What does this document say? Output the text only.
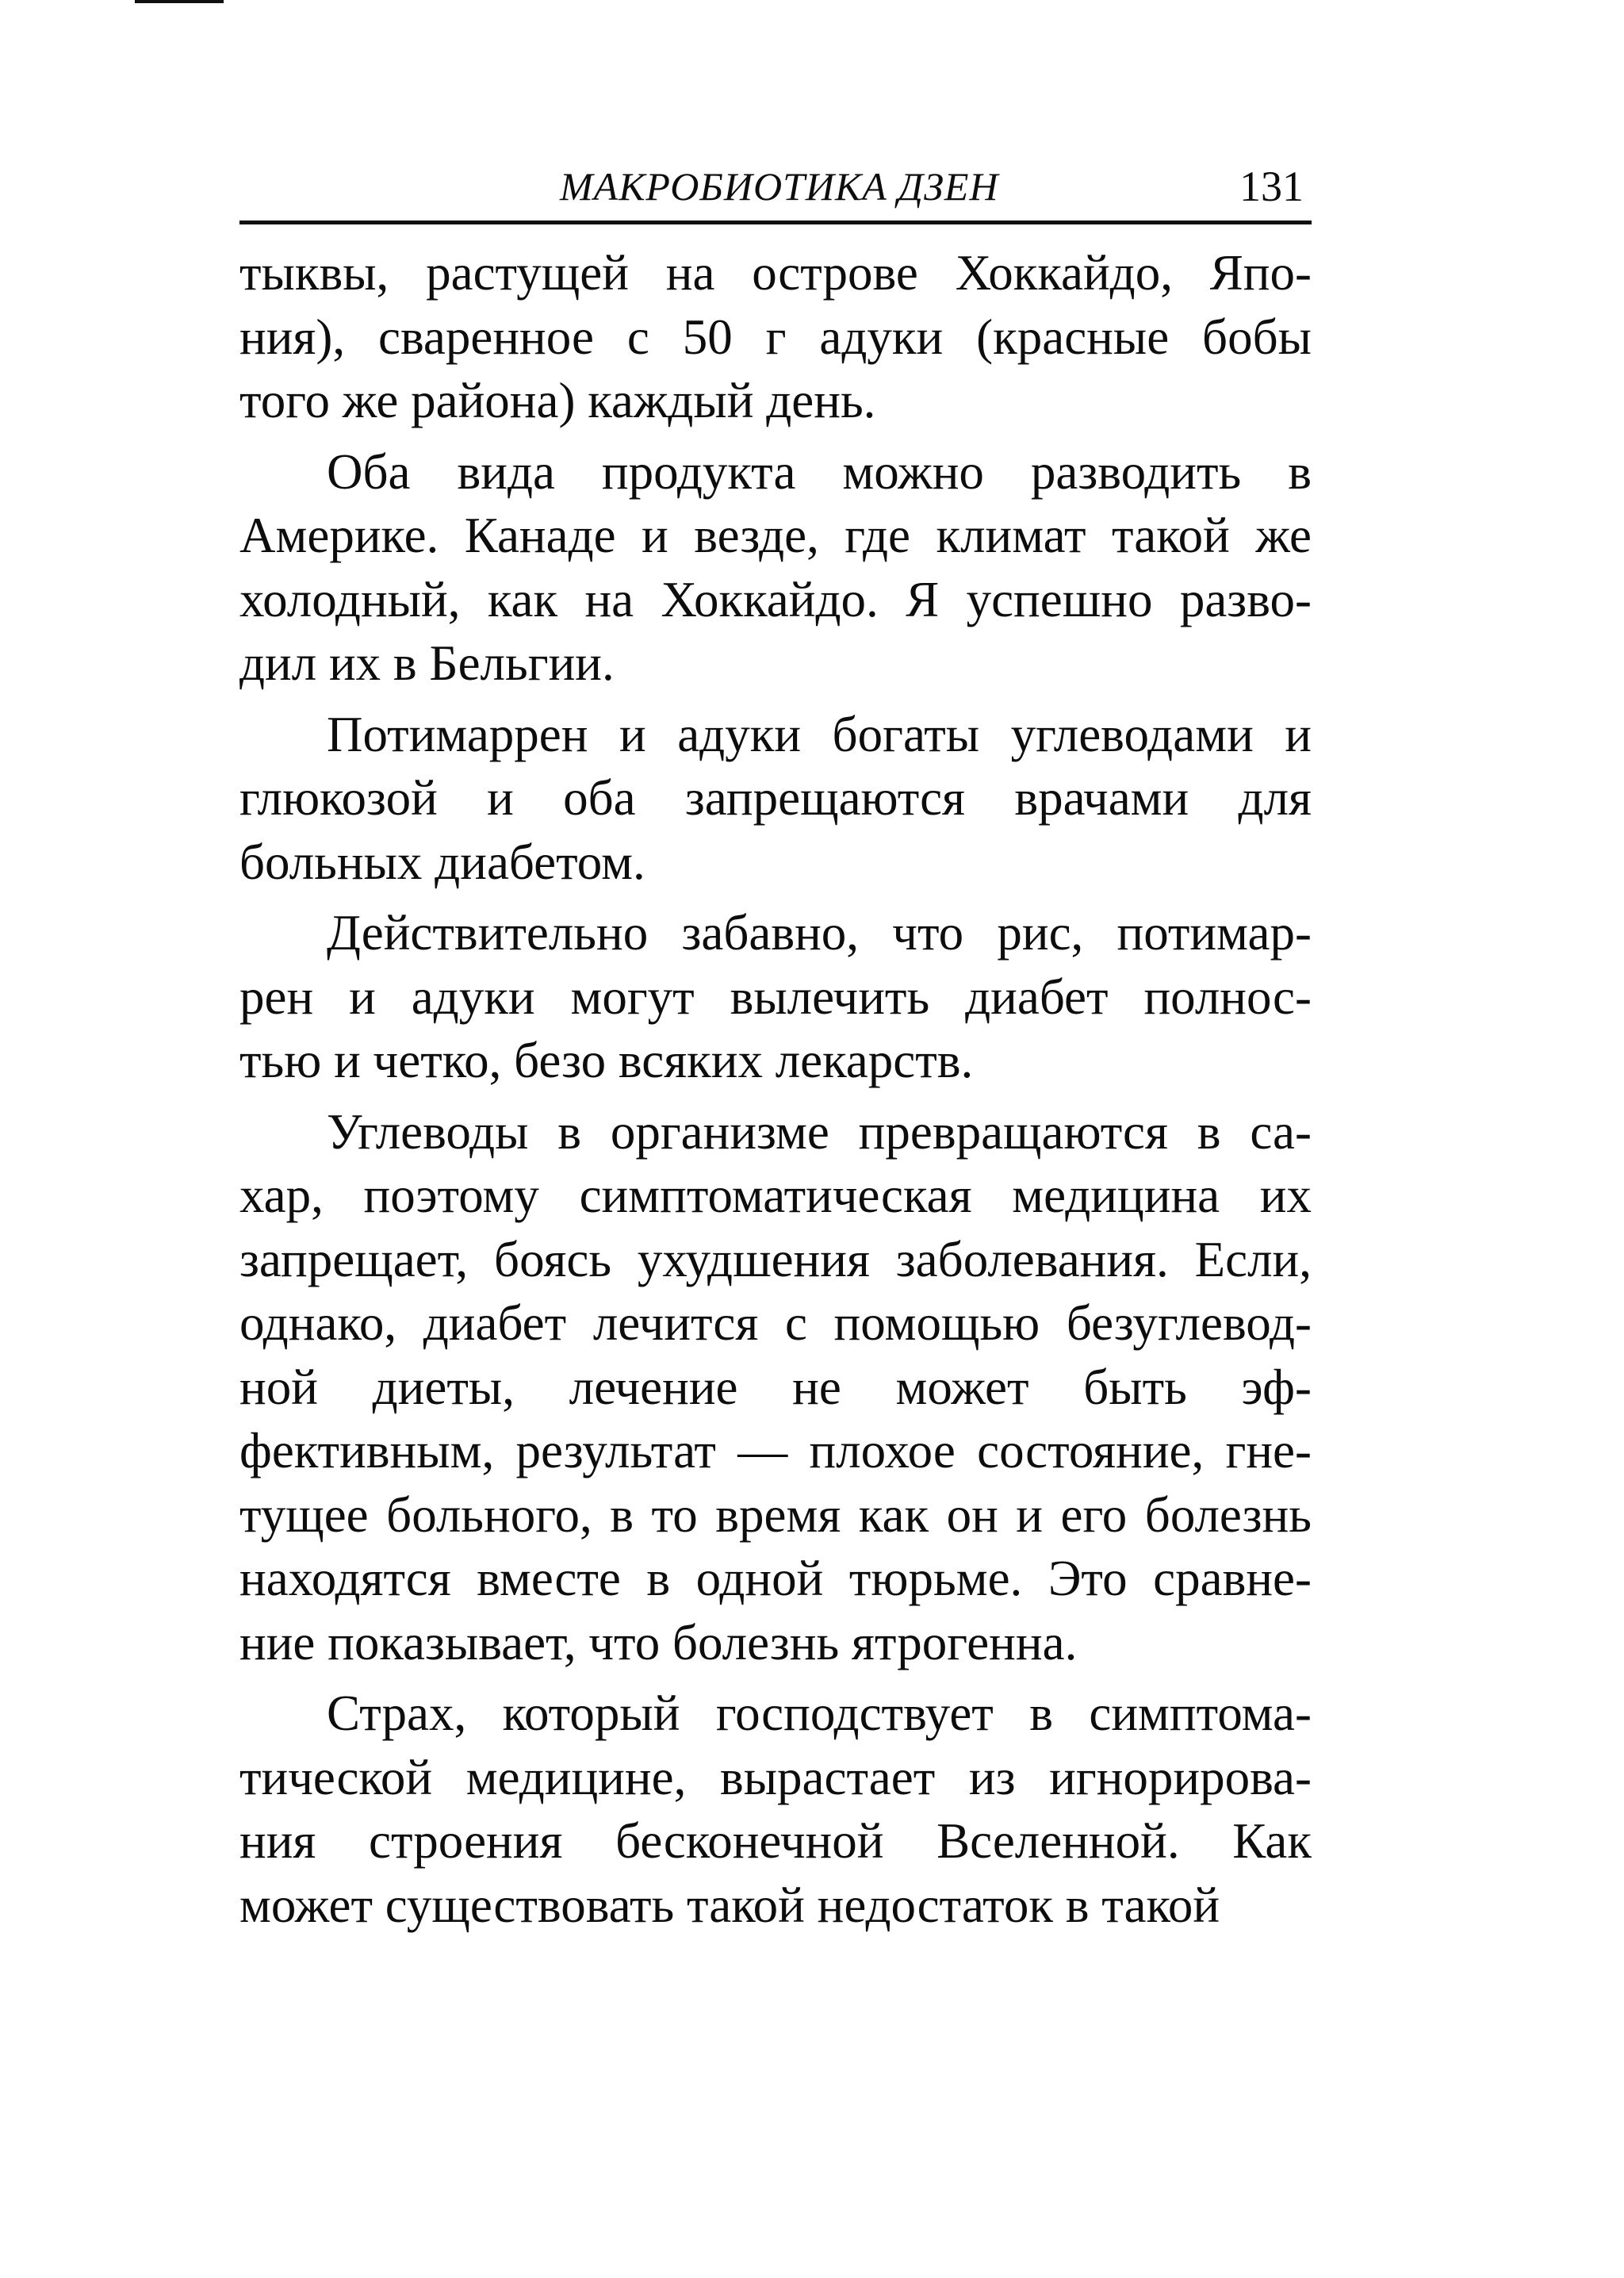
МАКРОБИОТИКА ДЗЕН	131
тыквы, растущей на острове Хоккайдо, Япо-
ния), сваренное с 50 г адуки (красные бобы
того же района) каждый день.
Оба вида продукта можно разводить в
Америке. Канаде и везде, где климат такой же
холодный, как на Хоккайдо. Я успешно разво-
дил их в Бельгии.
Потимаррен и адуки богаты углеводами и
глюкозой и оба запрещаются врачами для
больных диабетом.
Действительно забавно, что рис, потимар-
рен и адуки могут вылечить диабет полнос-
тью и четко, безо всяких лекарств.
Углеводы в организме превращаются в са-
хар, поэтому симптоматическая медицина их
запрещает, боясь ухудшения заболевания. Если,
однако, диабет лечится с помощью безуглевод-
ной диеты, лечение не может быть эф-
фективным, результат — плохое состояние, гне-
тущее больного, в то время как он и его болезнь
находятся вместе в одной тюрьме. Это сравне-
ние показывает, что болезнь ятрогенна.
Страх, который господствует в симптома-
тической медицине, вырастает из игнорирова-
ния строения бесконечной Вселенной. Как
может существовать такой недостаток в такой
